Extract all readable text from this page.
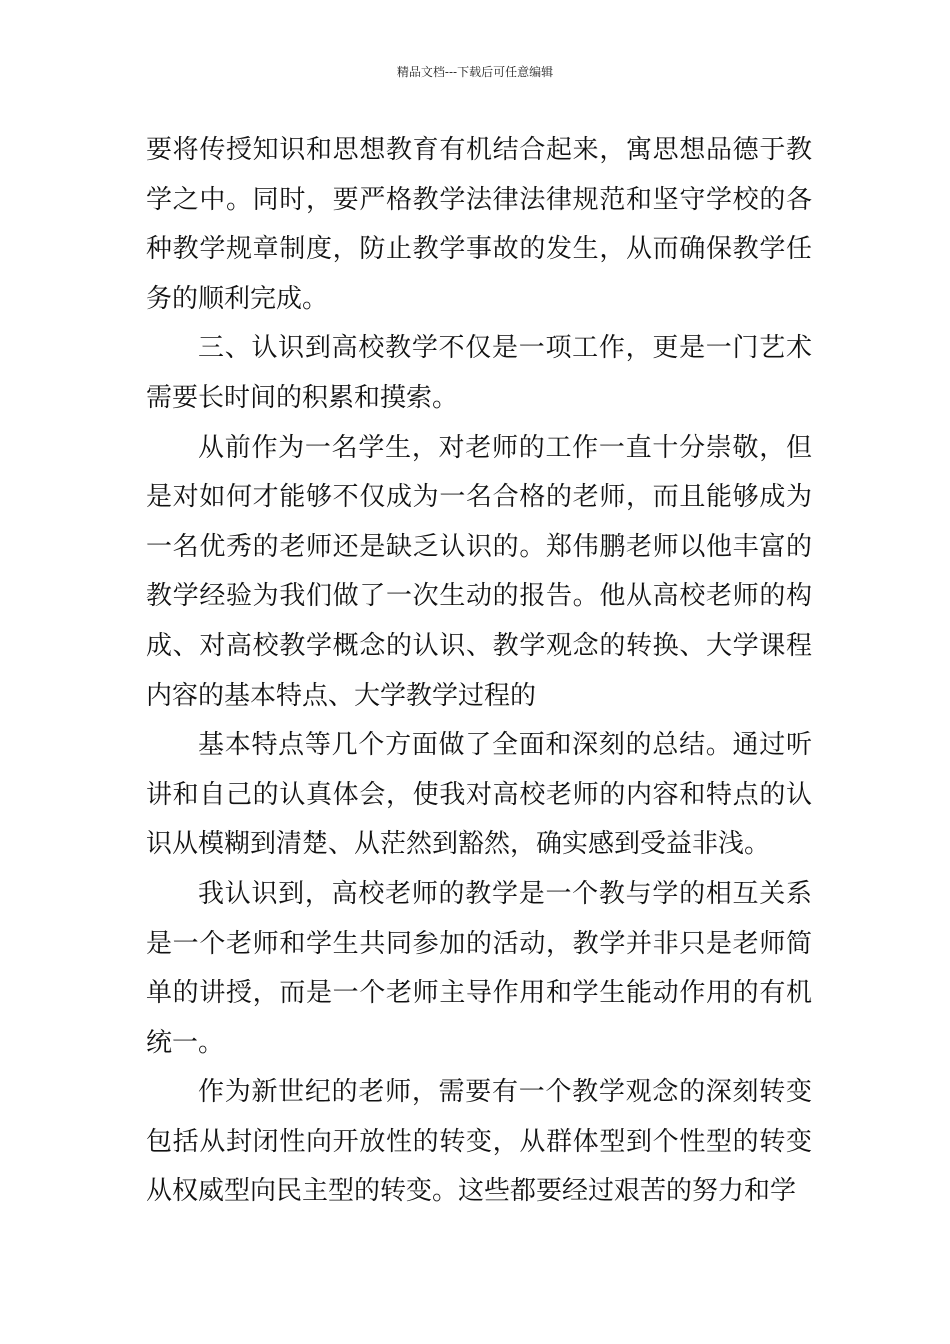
精品文档---下载后可任意编辑

要将传授知识和思想教育有机结合起来，寓思想品德于教学之中。同时，要严格教学法律法律规范和坚守学校的各种教学规章制度，防止教学事故的发生，从而确保教学任务的顺利完成。

三、认识到高校教学不仅是一项工作，更是一门艺术需要长时间的积累和摸索。

从前作为一名学生，对老师的工作一直十分崇敬，但是对如何才能够不仅成为一名合格的老师，而且能够成为一名优秀的老师还是缺乏认识的。郑伟鹏老师以他丰富的教学经验为我们做了一次生动的报告。他从高校老师的构成、对高校教学概念的认识、教学观念的转换、大学课程内容的基本特点、大学教学过程的

基本特点等几个方面做了全面和深刻的总结。通过听讲和自己的认真体会，使我对高校老师的内容和特点的认识从模糊到清楚、从茫然到豁然，确实感到受益非浅。

我认识到，高校老师的教学是一个教与学的相互关系是一个老师和学生共同参加的活动，教学并非只是老师简单的讲授，而是一个老师主导作用和学生能动作用的有机统一。

作为新世纪的老师，需要有一个教学观念的深刻转变包括从封闭性向开放性的转变，从群体型到个性型的转变从权威型向民主型的转变。这些都要经过艰苦的努力和学
